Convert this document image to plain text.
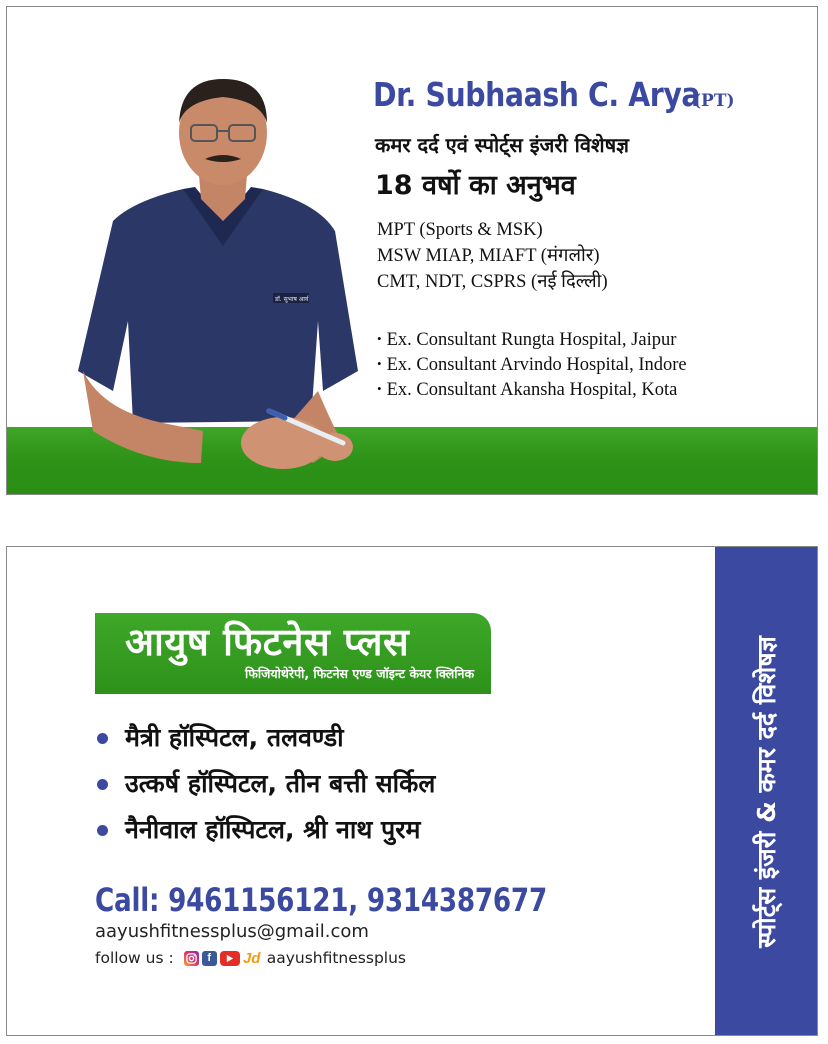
डॉ. सुभाष आर्य
Dr. Subhaash C. Arya
(PT)
कमर दर्द एवं स्पोर्ट्स इंजरी विशेषज्ञ
18 वर्षो का अनुभव
MPT (Sports & MSK)
MSW MIAP, MIAFT (मंगलोर)
CMT, NDT, CSPRS (नई दिल्ली)
• Ex. Consultant Rungta Hospital, Jaipur
• Ex. Consultant Arvindo Hospital, Indore
• Ex. Consultant Akansha Hospital, Kota
आयुष फिटनेस प्लस
फिजियोथेरेपी, फिटनेस एण्ड जॉइन्ट केयर क्लिनिक
मैत्री हॉस्पिटल, तलवण्डी
उत्कर्ष हॉस्पिटल, तीन बत्ती सर्किल
नैनीवाल हॉस्पिटल, श्री नाथ पुरम
Call: 9461156121, 9314387677
aayushfitnessplus@gmail.com
follow us :	f	Jd aayushfitnessplus
स्पोर्ट्स इंजरी & कमर दर्द विशेषज्ञ
